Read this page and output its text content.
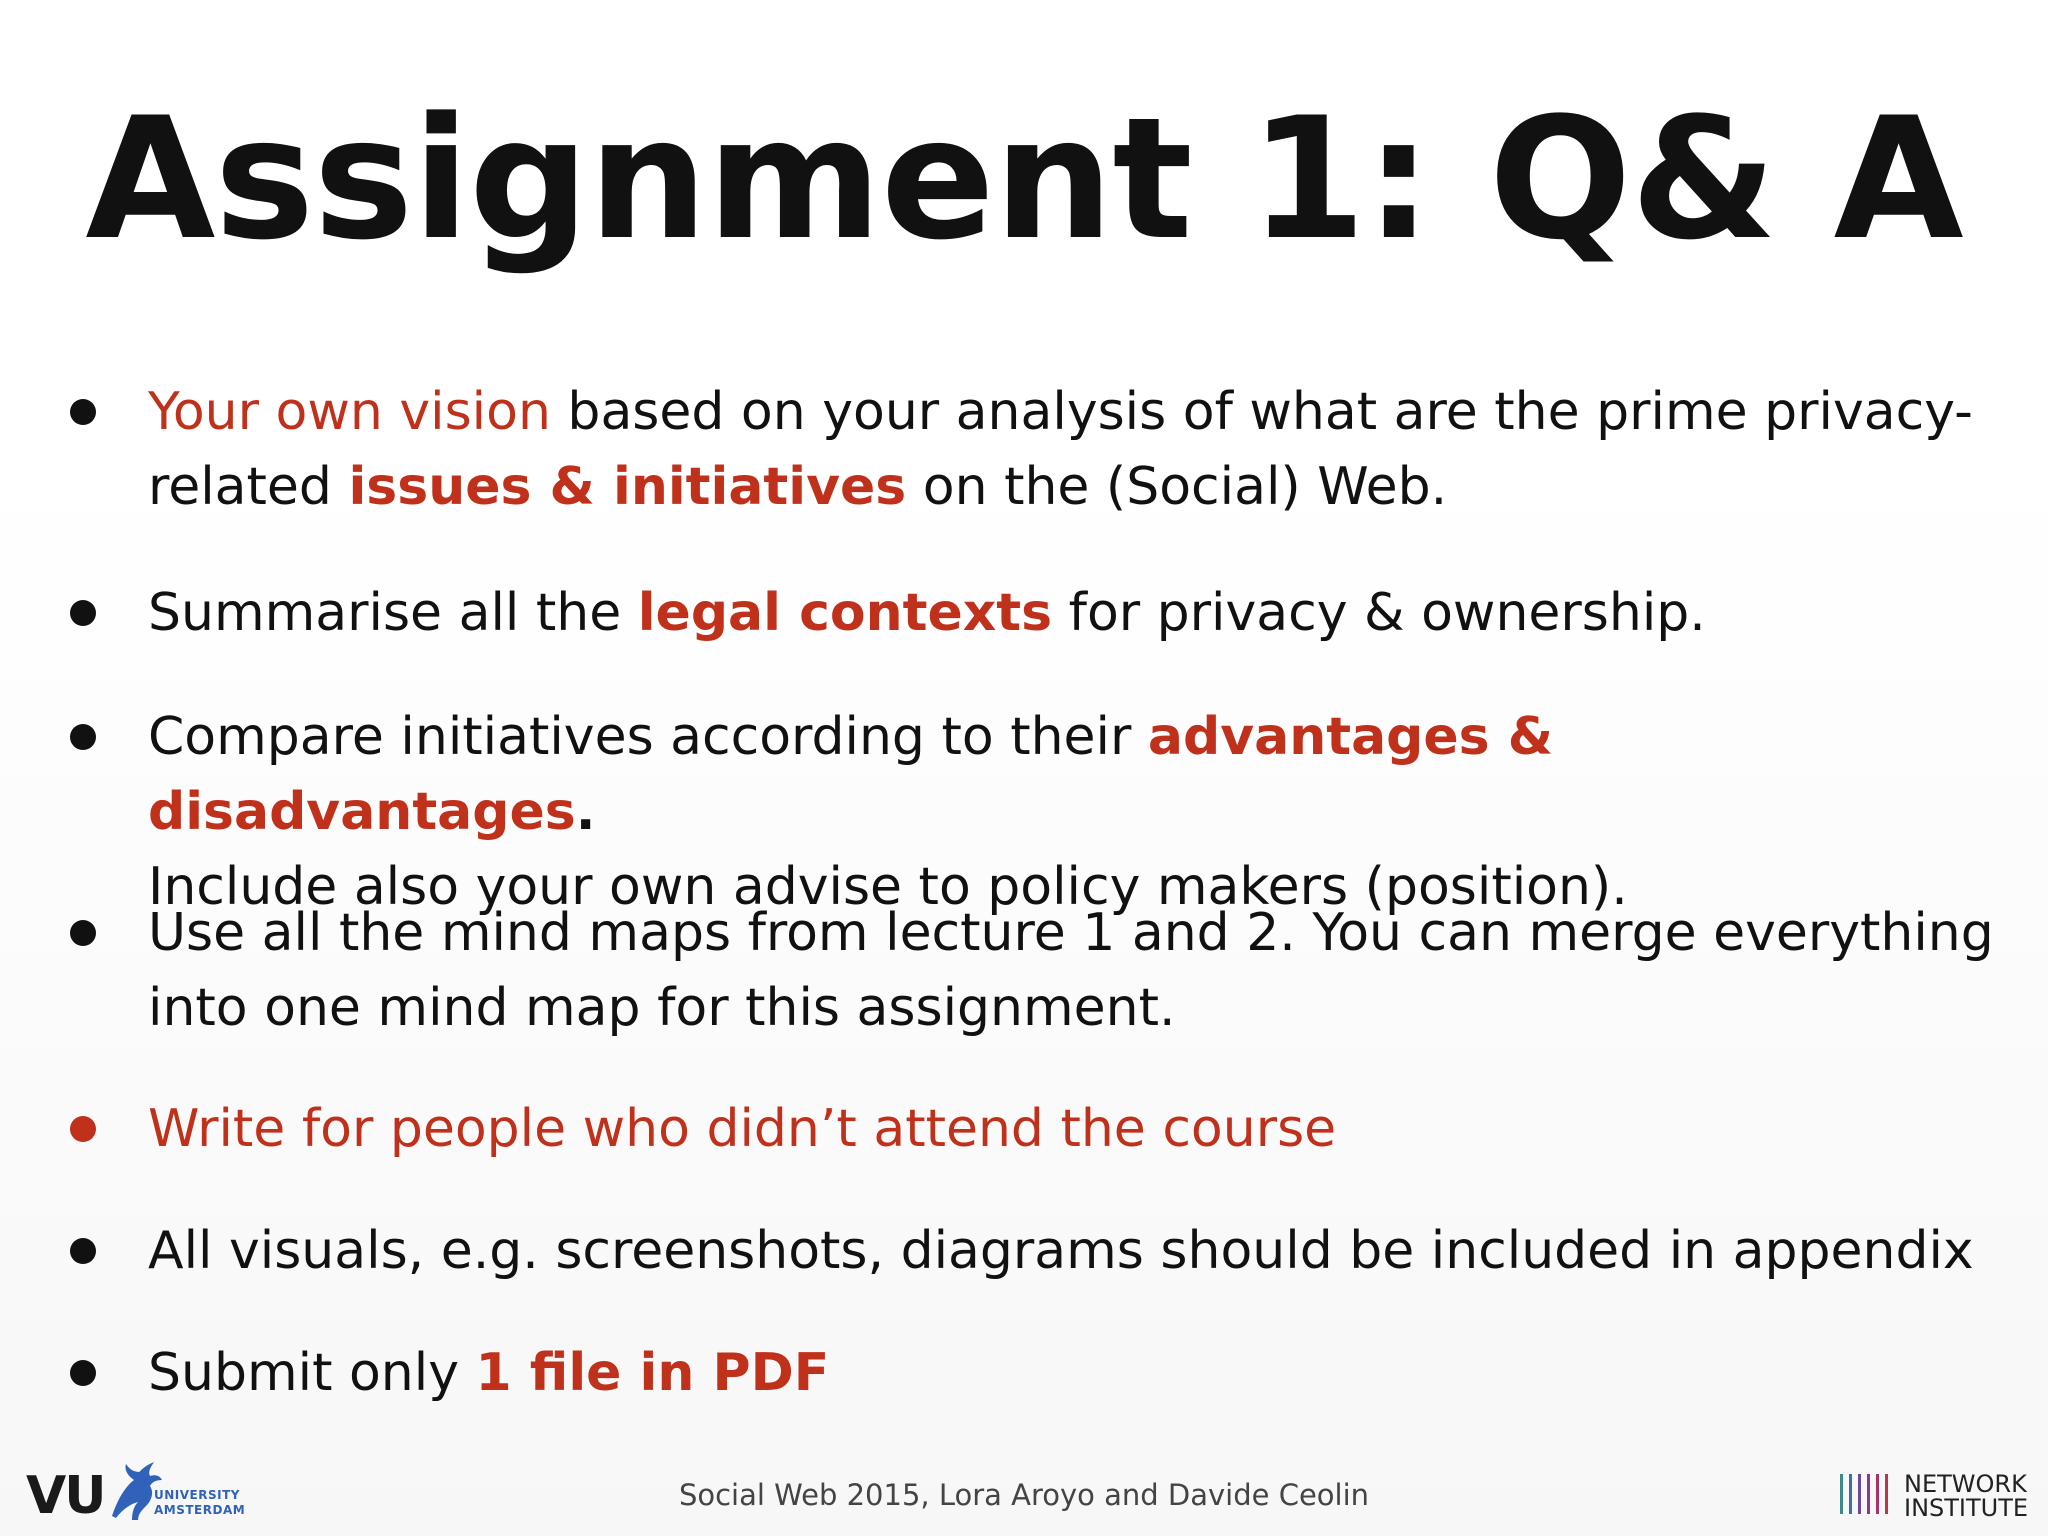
Assignment 1: Q& A
Your own vision based on your analysis of what are the prime privacy-
related issues & initiatives on the (Social) Web.
Summarise all the legal contexts for privacy & ownership.
Compare initiatives according to their advantages & disadvantages.
Include also your own advise to policy makers (position).
Use all the mind maps from lecture 1 and 2. You can merge everything
into one mind map for this assignment.
Write for people who didn’t attend the course
All visuals, e.g. screenshots, diagrams should be included in appendix
Submit only 1 file in PDF
VU	UNIVERSITY
AMSTERDAM	Social Web 2015, Lora Aroyo and Davide Ceolin	NETWORK
INSTITUTE
